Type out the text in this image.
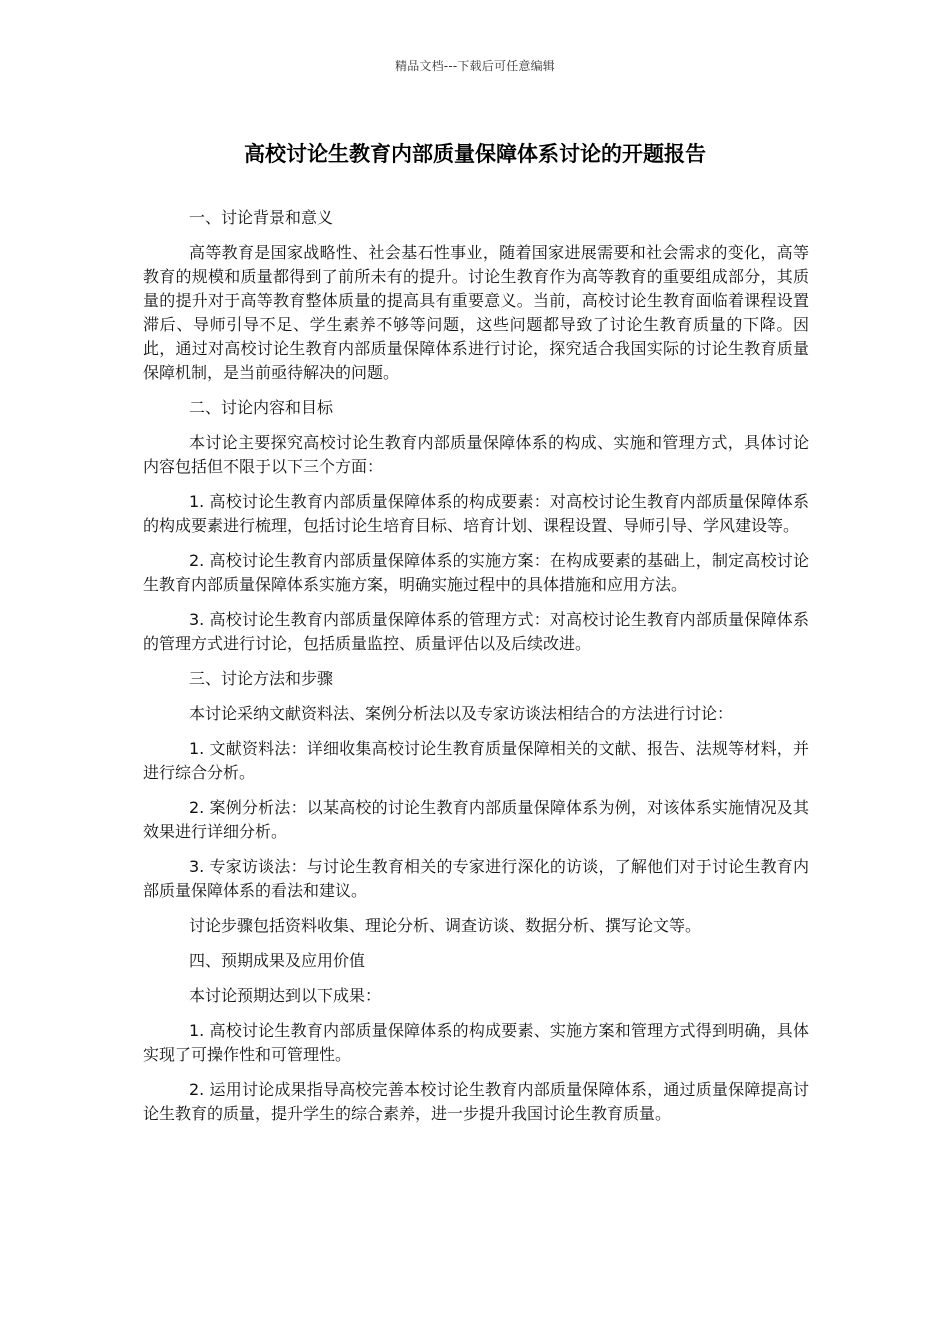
精品文档---下载后可任意编辑
高校讨论生教育内部质量保障体系讨论的开题报告

一、讨论背景和意义

高等教育是国家战略性、社会基石性事业，随着国家进展需要和社会需求的变化，高等教育的规模和质量都得到了前所未有的提升。讨论生教育作为高等教育的重要组成部分，其质量的提升对于高等教育整体质量的提高具有重要意义。当前，高校讨论生教育面临着课程设置滞后、导师引导不足、学生素养不够等问题，这些问题都导致了讨论生教育质量的下降。因此，通过对高校讨论生教育内部质量保障体系进行讨论，探究适合我国实际的讨论生教育质量保障机制，是当前亟待解决的问题。

二、讨论内容和目标

本讨论主要探究高校讨论生教育内部质量保障体系的构成、实施和管理方式，具体讨论内容包括但不限于以下三个方面：

1. 高校讨论生教育内部质量保障体系的构成要素：对高校讨论生教育内部质量保障体系的构成要素进行梳理，包括讨论生培育目标、培育计划、课程设置、导师引导、学风建设等。

2. 高校讨论生教育内部质量保障体系的实施方案：在构成要素的基础上，制定高校讨论生教育内部质量保障体系实施方案，明确实施过程中的具体措施和应用方法。

3. 高校讨论生教育内部质量保障体系的管理方式：对高校讨论生教育内部质量保障体系的管理方式进行讨论，包括质量监控、质量评估以及后续改进。

三、讨论方法和步骤

本讨论采纳文献资料法、案例分析法以及专家访谈法相结合的方法进行讨论：

1. 文献资料法：详细收集高校讨论生教育质量保障相关的文献、报告、法规等材料，并进行综合分析。

2. 案例分析法：以某高校的讨论生教育内部质量保障体系为例，对该体系实施情况及其效果进行详细分析。

3. 专家访谈法：与讨论生教育相关的专家进行深化的访谈，了解他们对于讨论生教育内部质量保障体系的看法和建议。

讨论步骤包括资料收集、理论分析、调查访谈、数据分析、撰写论文等。

四、预期成果及应用价值

本讨论预期达到以下成果：

1. 高校讨论生教育内部质量保障体系的构成要素、实施方案和管理方式得到明确，具体实现了可操作性和可管理性。

2. 运用讨论成果指导高校完善本校讨论生教育内部质量保障体系，通过质量保障提高讨论生教育的质量，提升学生的综合素养，进一步提升我国讨论生教育质量。
